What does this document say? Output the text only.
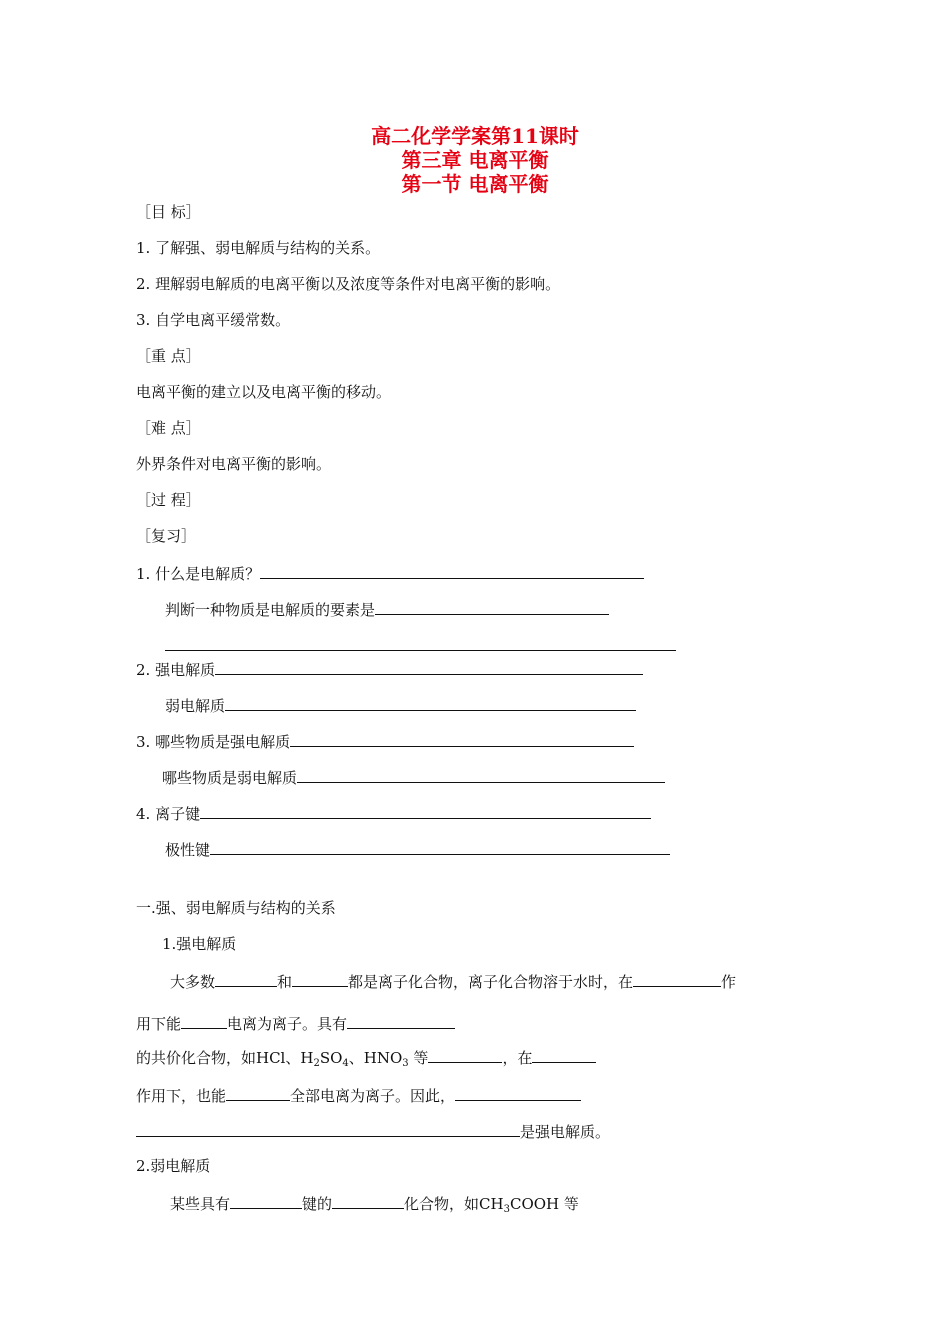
高二化学学案第11课时
第三章 电离平衡
第一节 电离平衡
［目 标］
1. 了解强、弱电解质与结构的关系。
2. 理解弱电解质的电离平衡以及浓度等条件对电离平衡的影响。
3. 自学电离平缓常数。
［重 点］
电离平衡的建立以及电离平衡的移动。
［难 点］
外界条件对电离平衡的影响。
［过 程］
［复习］
1. 什么是电解质？
判断一种物质是电解质的要素是
2. 强电解质
弱电解质
3. 哪些物质是强电解质
哪些物质是弱电解质
4. 离子键
极性键
一.强、弱电解质与结构的关系
1.强电解质
大多数	和	都是离子化合物，离子化合物溶于水时，在	作
用下能	电离为离子。具有
的共价化合物，如HCl、$H_2SO_4$、$HNO_3$ 等	，在
作用下，也能	全部电离为离子。因此，
是强电解质。
2.弱电解质
某些具有	键的	化合物，如$CH_3COOH$ 等
